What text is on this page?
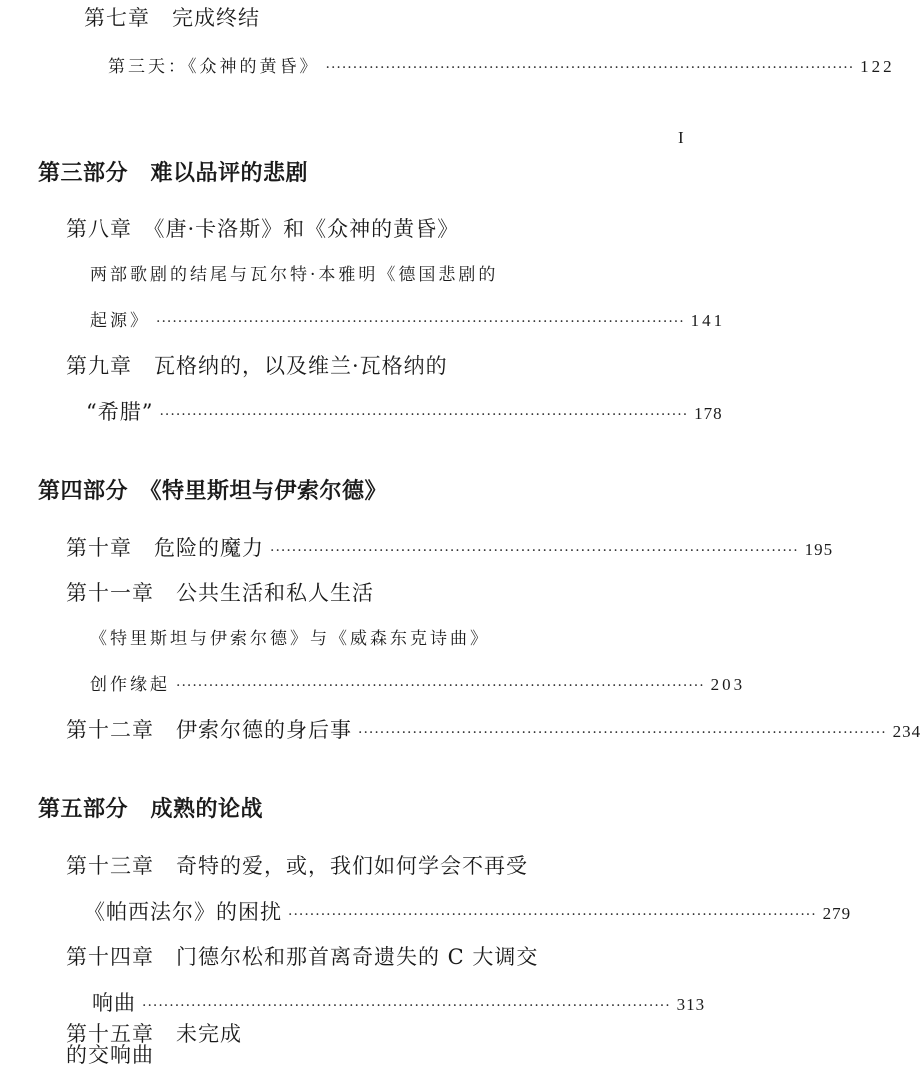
第七章　完成终结
第三天：《众神的黄昏》 ································································································· 122
I
第三部分　难以品评的悲剧
第八章　《唐·卡洛斯》和《众神的黄昏》
两部歌剧的结尾与瓦尔特·本雅明《德国悲剧的
起源》 ································································································· 141
第九章　瓦格纳的，以及维兰·瓦格纳的
“希腊” ································································································· 178
第四部分　《特里斯坦与伊索尔德》
第十章　危险的魔力 ································································································· 195
第十一章　公共生活和私人生活
《特里斯坦与伊索尔德》与《威森东克诗曲》
创作缘起 ································································································· 203
第十二章　伊索尔德的身后事 ································································································· 234
第五部分　成熟的论战
第十三章　奇特的爱，或，我们如何学会不再受
《帕西法尔》的困扰 ································································································· 279
第十四章　门德尔松和那首离奇遗失的 C 大调交
响曲 ································································································· 313
第十五章　未完成的交响曲
